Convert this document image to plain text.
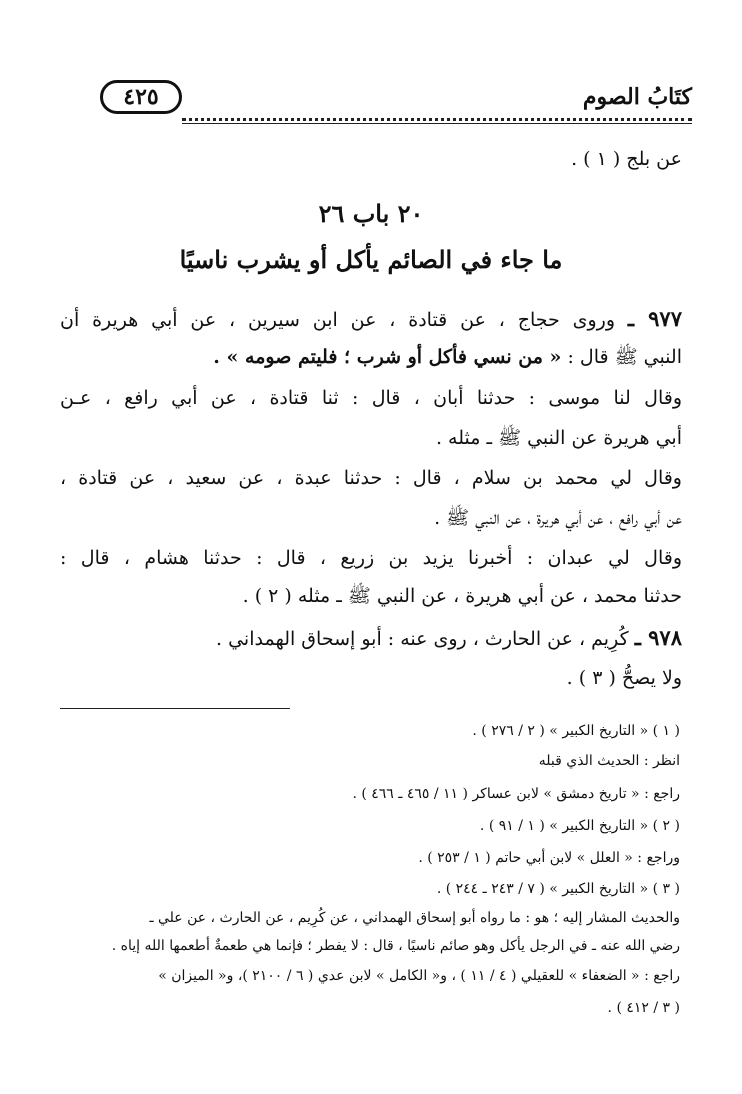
كتَابُ الصوم
٤٢٥
عن بلج ( ١ ) .
٢٠ باب ٢٦
ما جاء في الصائم يأكل أو يشرب ناسيًا
٩٧٧ ـ وروى حجاج ، عن قتادة ، عن ابن سيرين ، عن أبي هريرة أن
النبي ﷺ قال : « من نسي فأكل أو شرب ؛ فليتم صومه » .
وقال لنا موسى : حدثنا أبان ، قال : ثنا قتادة ، عن أبي رافع ، عـن
أبي هريرة عن النبي ﷺ ـ مثله .
وقال لي محمد بن سلام ، قال : حدثنا عبدة ، عن سعيد ، عن قتادة ،
عن أبي رافع ، عن أبي هريرة ، عن النبي ﷺ .
وقال لي عبدان : أخبرنا يزيد بن زريع ، قال : حدثنا هشام ، قال :
حدثنا محمد ، عن أبي هريرة ، عن النبي ﷺ ـ مثله ( ٢ ) .
٩٧٨ ـ كُرِيم ، عن الحارث ، روى عنه : أبو إسحاق الهمداني .
ولا يصحُّ ( ٣ ) .
( ١ ) « التاريخ الكبير » ( ٢ / ٢٧٦ ) .
انظر : الحديث الذي قبله
راجع : « تاريخ دمشق » لابن عساكر ( ١١ / ٤٦٥ ـ ٤٦٦ ) .
( ٢ ) « التاريخ الكبير » ( ١ / ٩١ ) .
وراجع : « العلل » لابن أبي حاتم ( ١ / ٢٥٣ ) .
( ٣ ) « التاريخ الكبير » ( ٧ / ٢٤٣ ـ ٢٤٤ ) .
والحديث المشار إليه ؛ هو : ما رواه أبو إسحاق الهمداني ، عن كُرِيم ، عن الحارث ، عن علي ـ
رضي الله عنه ـ في الرجل يأكل وهو صائم ناسيًا ، قال : لا يفطر ؛ فإنما هي طعمةٌ أطعمها الله إياه .
راجع : « الضعفاء » للعقيلي ( ٤ / ١١ ) ، و« الكامل » لابن عدي ( ٦ / ٢١٠٠ )، و« الميزان »
( ٣ / ٤١٢ ) .
